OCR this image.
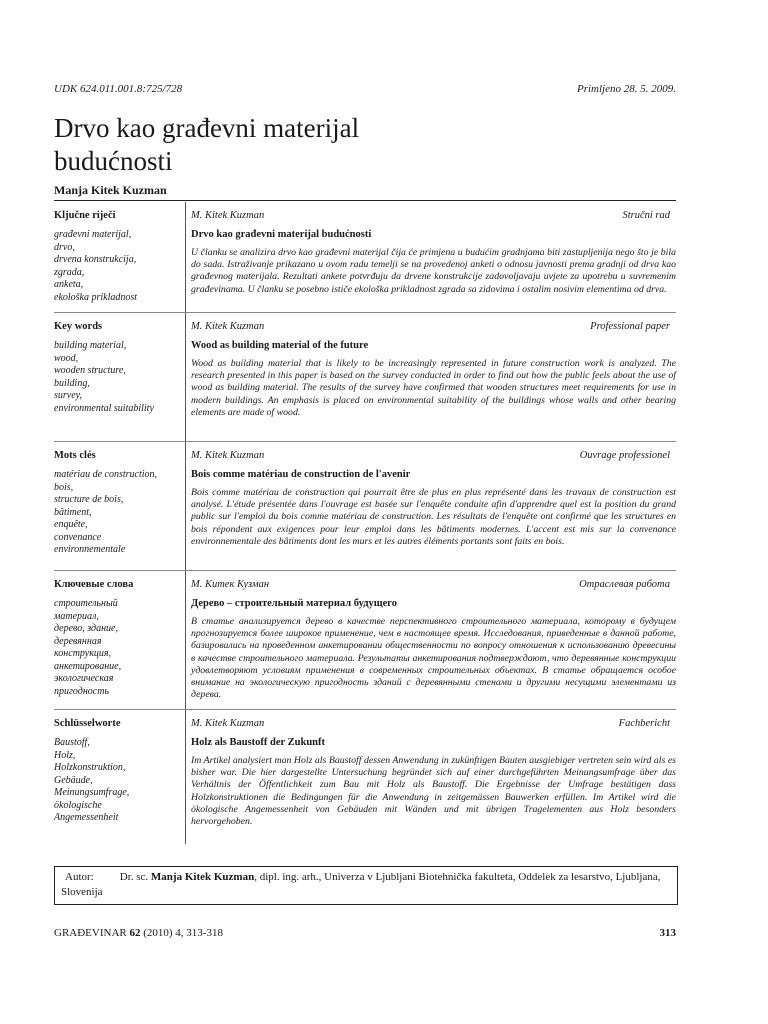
UDK 624.011.001.8:725/728	Primljeno 28. 5. 2009.
Drvo kao građevni materijal budućnosti
Manja Kitek Kuzman
Ključne riječi
građevni materijal,
drvo,
drvena konstrukcija,
zgrada,
anketa,
ekološka prikladnost
M. Kitek Kuzman	Stručni rad
Drvo kao građevni materijal budućnosti
U članku se analizira drvo kao građevni materijal čija će primjena u budućim gradnjama biti zastupljenija nego što je bila do sada. Istraživanje prikazano u ovom radu temelji se na provedenoj anketi o odnosu javnosti prema gradnji od drva kao građevnog materijala. Rezultati ankete potvrđuju da drvene konstrukcije zadovoljavaju uvjete za upotrebu u suvremenim građevinama. U članku se posebno ističe ekološka prikladnost zgrada sa zidovima i ostalim nosivim elementima od drva.
Key words
building material,
wood,
wooden structure,
building,
survey,
environmental suitability
M. Kitek Kuzman	Professional paper
Wood as building material of the future
Wood as building material that is likely to be increasingly represented in future construction work is analyzed. The research presented in this paper is based on the survey conducted in order to find out how the public feels about the use of wood as building material. The results of the survey have confirmed that wooden structures meet requirements for use in modern buildings. An emphasis is placed on environmental suitability of the buildings whose walls and other bearing elements are made of wood.
Mots clés
matériau de construction,
bois,
structure de bois,
bâtiment,
enquête,
convenance
environnementale
M. Kitek Kuzman	Ouvrage professionel
Bois comme matériau de construction de l'avenir
Bois comme matériau de construction qui pourrait être de plus en plus représenté dans les travaux de construction est analysé. L'étude présentée dans l'ouvrage est basée sur l'enquête conduite afin d'apprendre quel est la position du grand public sur l'emploi du bois comme matériau de construction. Les résultats de l'enquête ont confirmé que les structures en bois répondent aux exigences pour leur emploi dans les bâtiments modernes. L'accent est mis sur la convenance environnementale des bâtiments dont les murs et les autres éléments portants sont faits en bois.
Ключевые слова
строительный
материал,
дерево, здание,
деревянная
конструкция,
анкетирование,
экологическая
пригодность
М. Китек Кузман	Отраслевая работа
Дерево – строительный материал будущего
В статье анализируется дерево в качестве перспективного строительного материала, которому в будущем прогнозируется более широкое применение, чем в настоящее время. Исследования, приведенные в данной работе, базировались на проведенном анкетировании общественности по вопросу отношения к использованию древесины в качестве строительного материала. Результаты анкетирования подтверждают, что деревянные конструкции удовлетворяют условиям применения в современных строительных объектах. В статье обращается особое внимание на экологическую пригодность зданий с деревянными стенами и другими несущими элементами из дерева.
Schlüsselworte
Baustoff,
Holz,
Holzkonstruktion,
Gebäude,
Meinungsumfrage,
ökologische
Angemessenheit
M. Kitek Kuzman	Fachbericht
Holz als Baustoff der Zukunft
Im Artikel analysiert man Holz als Baustoff dessen Anwendung in zukünftigen Bauten ausgiebiger vertreten sein wird als es bisher war. Die hier dargestellte Untersuchung begründet sich auf einer durchgeführten Meinungsumfrage über das Verhältnis der Öffentlichkeit zum Bau mit Holz als Baustoff. Die Ergebnisse der Umfrage bestätigen dass Holzkonstruktionen die Bedingungen für die Anwendung in zeitgemässen Bauwerken erfüllen. Im Artikel wird die ökologische Angemessenheit von Gebäuden mit Wänden und mit übrigen Tragelementen aus Holz besonders hervorgehoben.
Autor: Dr. sc. Manja Kitek Kuzman, dipl. ing. arh., Univerza v Ljubljani Biotehnička fakulteta, Oddelek za lesarstvo, Ljubljana, Slovenija
GRAĐEVINAR 62 (2010) 4, 313-318	313
